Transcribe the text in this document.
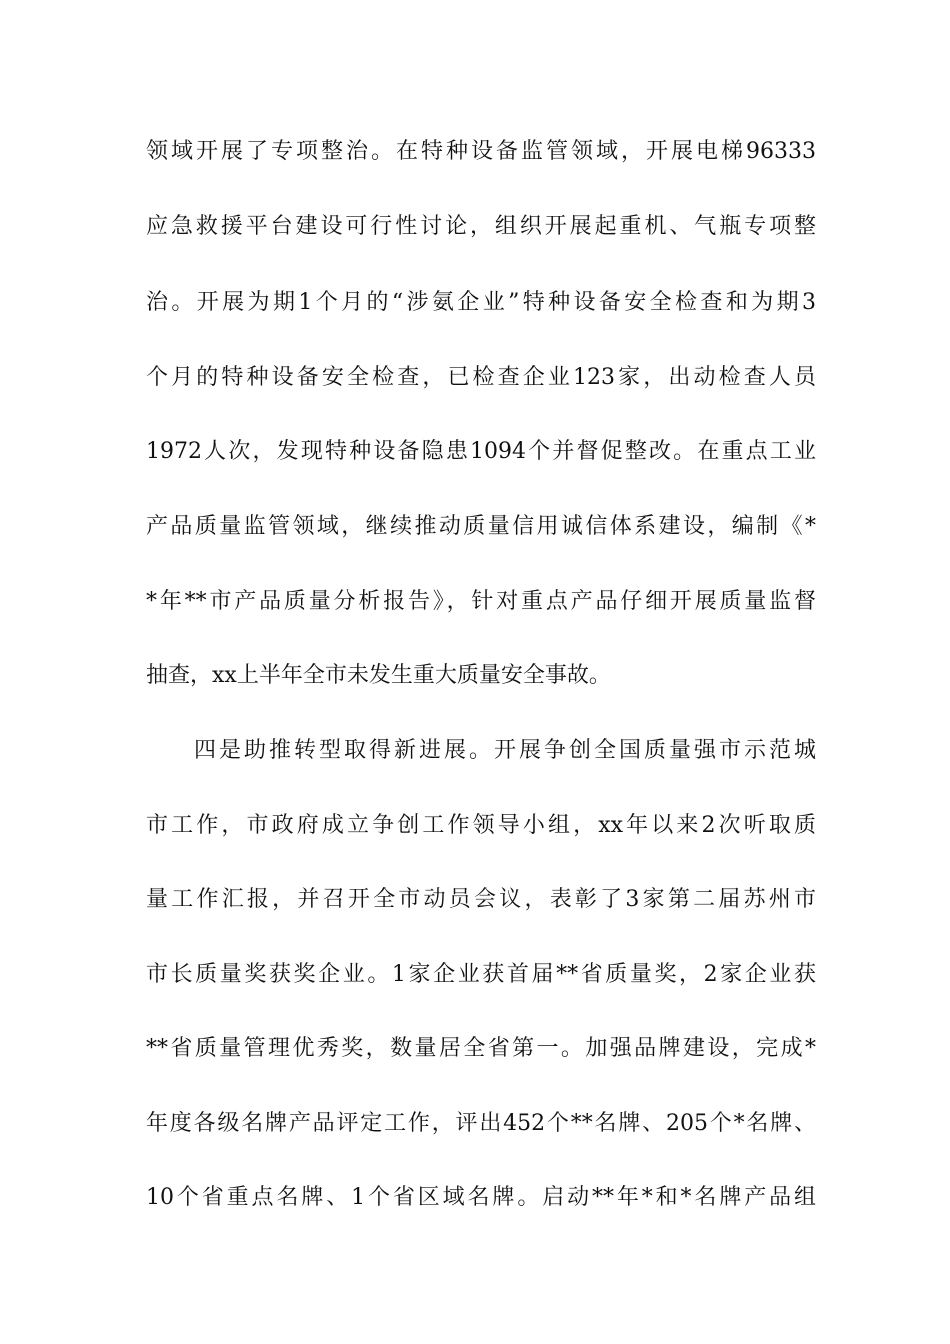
领域开展了专项整治。在特种设备监管领域，开展电梯96333
应急救援平台建设可行性讨论，组织开展起重机、气瓶专项整
治。开展为期1个月的“涉氨企业”特种设备安全检查和为期3
个月的特种设备安全检查，已检查企业123家，出动检查人员
1972人次，发现特种设备隐患1094个并督促整改。在重点工业
产品质量监管领域，继续推动质量信用诚信体系建设，编制《*
*年**市产品质量分析报告》，针对重点产品仔细开展质量监督
抽查，xx上半年全市未发生重大质量安全事故。
四是助推转型取得新进展。开展争创全国质量强市示范城
市工作，市政府成立争创工作领导小组，xx年以来2次听取质
量工作汇报，并召开全市动员会议，表彰了3家第二届苏州市
市长质量奖获奖企业。1家企业获首届**省质量奖，2家企业获
**省质量管理优秀奖，数量居全省第一。加强品牌建设，完成*
年度各级名牌产品评定工作，评出452个**名牌、205个*名牌、
10个省重点名牌、1个省区域名牌。启动**年*和*名牌产品组
